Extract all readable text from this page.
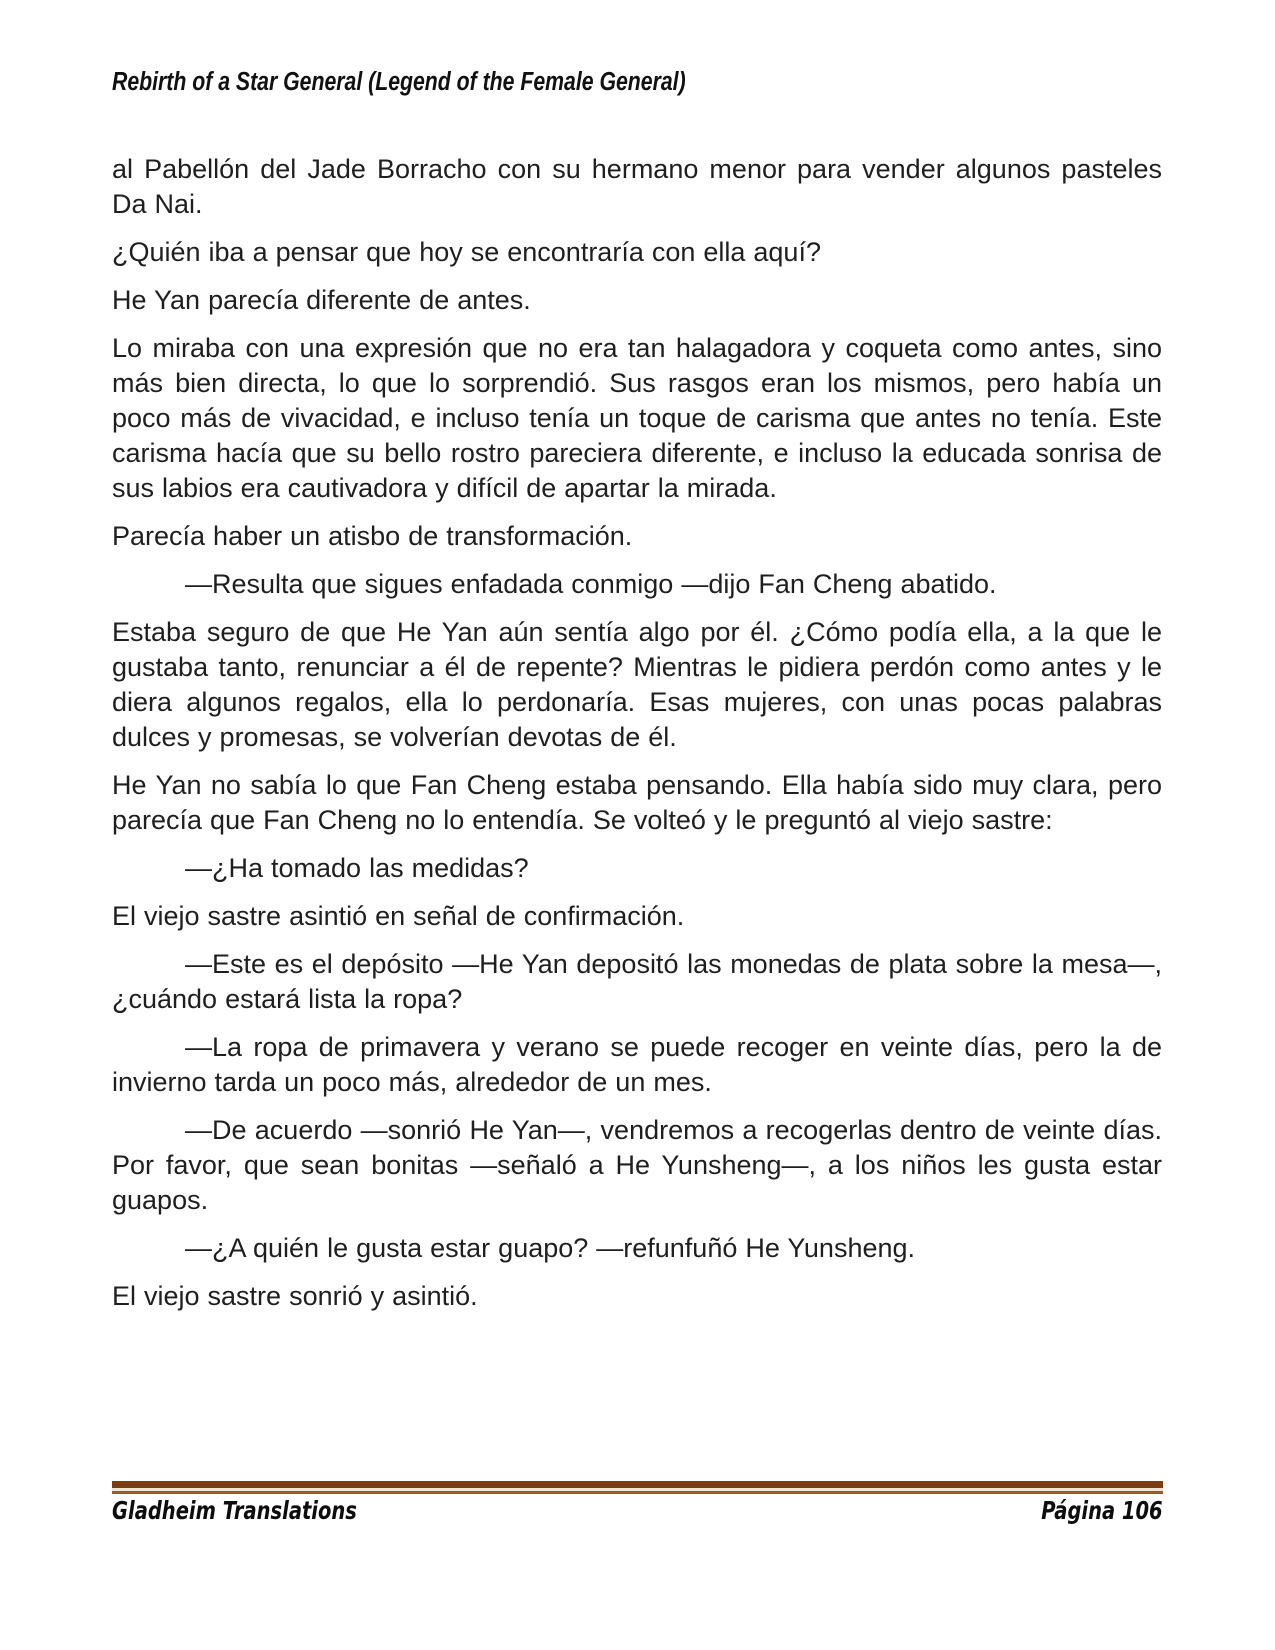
Rebirth of a Star General (Legend of the Female General)

al Pabellón del Jade Borracho con su hermano menor para vender algunos pasteles Da Nai.

¿Quién iba a pensar que hoy se encontraría con ella aquí?

He Yan parecía diferente de antes.

Lo miraba con una expresión que no era tan halagadora y coqueta como antes, sino más bien directa, lo que lo sorprendió. Sus rasgos eran los mismos, pero había un poco más de vivacidad, e incluso tenía un toque de carisma que antes no tenía. Este carisma hacía que su bello rostro pareciera diferente, e incluso la educada sonrisa de sus labios era cautivadora y difícil de apartar la mirada.

Parecía haber un atisbo de transformación.

—Resulta que sigues enfadada conmigo —dijo Fan Cheng abatido.

Estaba seguro de que He Yan aún sentía algo por él. ¿Cómo podía ella, a la que le gustaba tanto, renunciar a él de repente? Mientras le pidiera perdón como antes y le diera algunos regalos, ella lo perdonaría. Esas mujeres, con unas pocas palabras dulces y promesas, se volverían devotas de él.

He Yan no sabía lo que Fan Cheng estaba pensando. Ella había sido muy clara, pero parecía que Fan Cheng no lo entendía. Se volteó y le preguntó al viejo sastre:

—¿Ha tomado las medidas?

El viejo sastre asintió en señal de confirmación.

—Este es el depósito —He Yan depositó las monedas de plata sobre la mesa—, ¿cuándo estará lista la ropa?

—La ropa de primavera y verano se puede recoger en veinte días, pero la de invierno tarda un poco más, alrededor de un mes.

—De acuerdo —sonrió He Yan—, vendremos a recogerlas dentro de veinte días. Por favor, que sean bonitas —señaló a He Yunsheng—, a los niños les gusta estar guapos.

—¿A quién le gusta estar guapo? —refunfuñó He Yunsheng.

El viejo sastre sonrió y asintió.

Gladheim Translations	Página 106
